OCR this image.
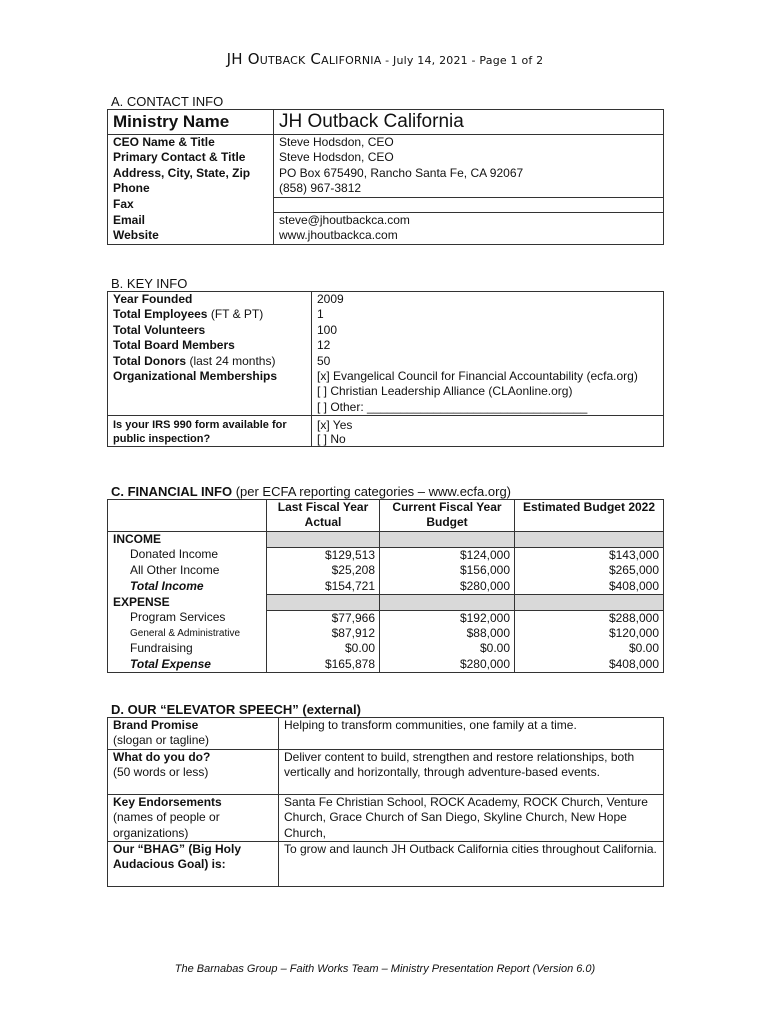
JH OUTBACK CALIFORNIA - July 14, 2021 - Page 1 of 2
A. CONTACT INFO
Ministry Name	JH Outback California
CEO Name & Title	Steve Hodsdon, CEO
Primary Contact & Title	Steve Hodsdon, CEO
Address, City, State, Zip	PO Box 675490, Rancho Santa Fe, CA 92067
Phone	(858) 967-3812
Fax	
Email	steve@jhoutbackca.com
Website	www.jhoutbackca.com
B. KEY INFO
Year Founded	2009
Total Employees (FT & PT)	1
Total Volunteers	100
Total Board Members	12
Total Donors (last 24 months)	50
Organizational Memberships	[x] Evangelical Council for Financial Accountability (ecfa.org)
[ ] Christian Leadership Alliance (CLAonline.org)
[ ] Other: _________________________________

Is your IRS 990 form available for public inspection?	[x] Yes
[ ] No
C. FINANCIAL INFO (per ECFA reporting categories – www.ecfa.org)
	Last Fiscal Year Actual	Current Fiscal Year Budget	Estimated Budget 2022
INCOME			
Donated Income	$129,513	$124,000	$143,000
All Other Income	$25,208	$156,000	$265,000
Total Income	$154,721	$280,000	$408,000
EXPENSE			
Program Services	$77,966	$192,000	$288,000
General & Administrative	$87,912	$88,000	$120,000
Fundraising	$0.00	$0.00	$0.00
Total Expense	$165,878	$280,000	$408,000
D. OUR “ELEVATOR SPEECH” (external)
Brand Promise
(slogan or tagline)	Helping to transform communities, one family at a time.

What do you do?
(50 words or less)	Deliver content to build, strengthen and restore relationships, both vertically and horizontally, through adventure-based events.

Key Endorsements
(names of people or organizations)	Santa Fe Christian School, ROCK Academy, ROCK Church, Venture Church, Grace Church of San Diego, Skyline Church, New Hope Church,
Our “BHAG” (Big Holy Audacious Goal) is:	To grow and launch JH Outback California cities throughout California.
The Barnabas Group – Faith Works Team – Ministry Presentation Report (Version 6.0)
